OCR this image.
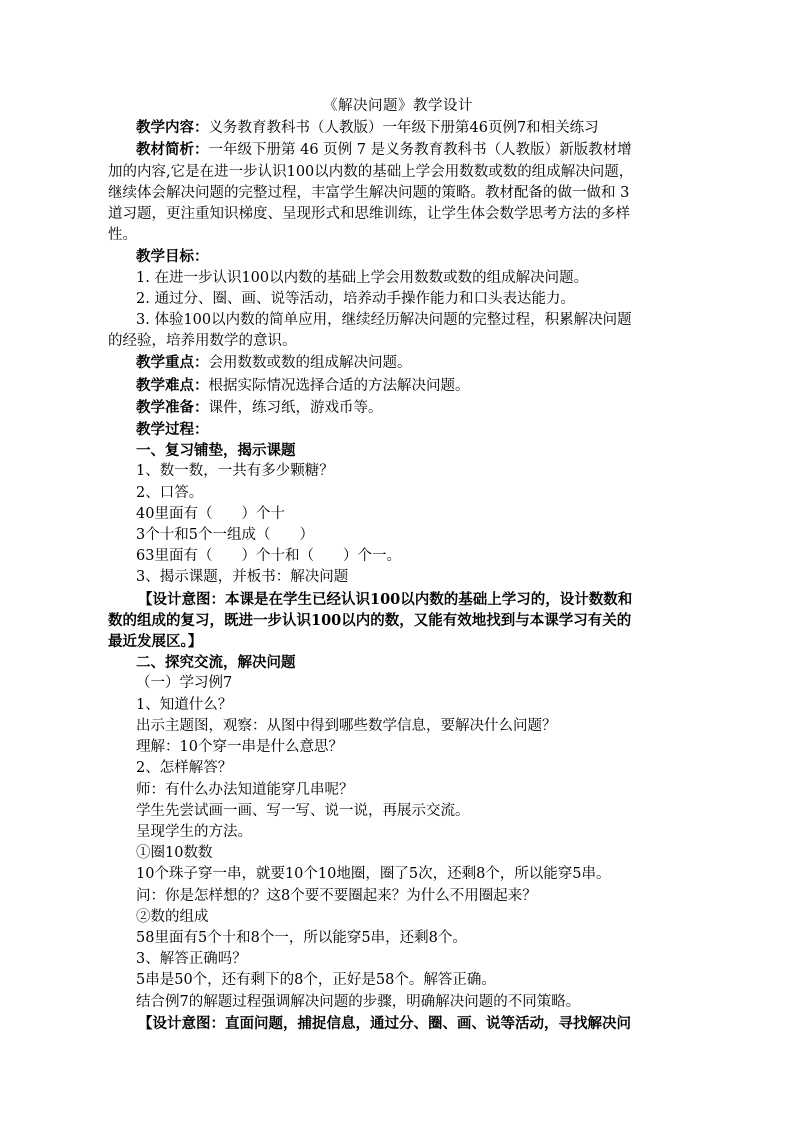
《解决问题》教学设计

教学内容：义务教育教科书（人教版）一年级下册第46页例7和相关练习

教材简析：一年级下册第 46 页例 7 是义务教育教科书（人教版）新版教材增

加的内容,它是在进一步认识100以内数的基础上学会用数数或数的组成解决问题，

继续体会解决问题的完整过程，丰富学生解决问题的策略。教材配备的做一做和 3

道习题，更注重知识梯度、呈现形式和思维训练，让学生体会数学思考方法的多样

性。

教学目标：

1. 在进一步认识100以内数的基础上学会用数数或数的组成解决问题。

2. 通过分、圈、画、说等活动，培养动手操作能力和口头表达能力。

3. 体验100以内数的简单应用，继续经历解决问题的完整过程，积累解决问题

的经验，培养用数学的意识。

教学重点：会用数数或数的组成解决问题。

教学难点：根据实际情况选择合适的方法解决问题。

教学准备：课件，练习纸，游戏币等。

教学过程：

一、复习铺垫，揭示课题

1、数一数，一共有多少颗糖？

2、口答。

40里面有（　　）个十

3个十和5个一组成（　　）

63里面有（　　）个十和（　　）个一。

3、揭示课题，并板书：解决问题

【设计意图：本课是在学生已经认识100以内数的基础上学习的，设计数数和

数的组成的复习，既进一步认识100以内的数，又能有效地找到与本课学习有关的

最近发展区。】

二、探究交流，解决问题

（一）学习例7

1、知道什么？

出示主题图，观察：从图中得到哪些数学信息，要解决什么问题？

理解：10个穿一串是什么意思？

2、怎样解答？

师：有什么办法知道能穿几串呢？

学生先尝试画一画、写一写、说一说，再展示交流。

呈现学生的方法。

①圈10数数

10个珠子穿一串，就要10个10地圈，圈了5次，还剩8个，所以能穿5串。

问：你是怎样想的？这8个要不要圈起来？为什么不用圈起来？

②数的组成

58里面有5个十和8个一，所以能穿5串，还剩8个。

3、解答正确吗？

5串是50个，还有剩下的8个，正好是58个。解答正确。

结合例7的解题过程强调解决问题的步骤，明确解决问题的不同策略。

【设计意图：直面问题，捕捉信息，通过分、圈、画、说等活动，寻找解决问
